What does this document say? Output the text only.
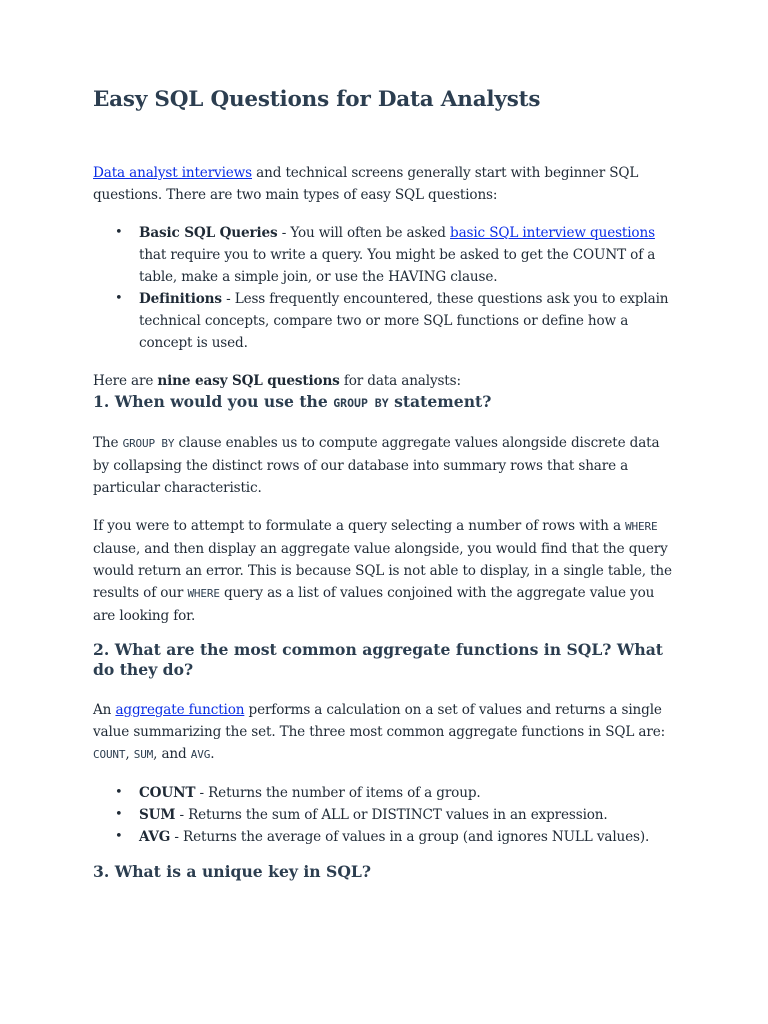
Easy SQL Questions for Data Analysts

Data analyst interviews and technical screens generally start with beginner SQL questions. There are two main types of easy SQL questions:

• Basic SQL Queries - You will often be asked basic SQL interview questions that require you to write a query. You might be asked to get the COUNT of a table, make a simple join, or use the HAVING clause.
• Definitions - Less frequently encountered, these questions ask you to explain technical concepts, compare two or more SQL functions or define how a concept is used.

Here are nine easy SQL questions for data analysts:

1. When would you use the GROUP BY statement?

The GROUP BY clause enables us to compute aggregate values alongside discrete data by collapsing the distinct rows of our database into summary rows that share a particular characteristic.

If you were to attempt to formulate a query selecting a number of rows with a WHERE clause, and then display an aggregate value alongside, you would find that the query would return an error. This is because SQL is not able to display, in a single table, the results of our WHERE query as a list of values conjoined with the aggregate value you are looking for.

2. What are the most common aggregate functions in SQL? What do they do?

An aggregate function performs a calculation on a set of values and returns a single value summarizing the set. The three most common aggregate functions in SQL are: COUNT, SUM, and AVG.

• COUNT - Returns the number of items of a group.
• SUM - Returns the sum of ALL or DISTINCT values in an expression.
• AVG - Returns the average of values in a group (and ignores NULL values).
3. What is a unique key in SQL?
